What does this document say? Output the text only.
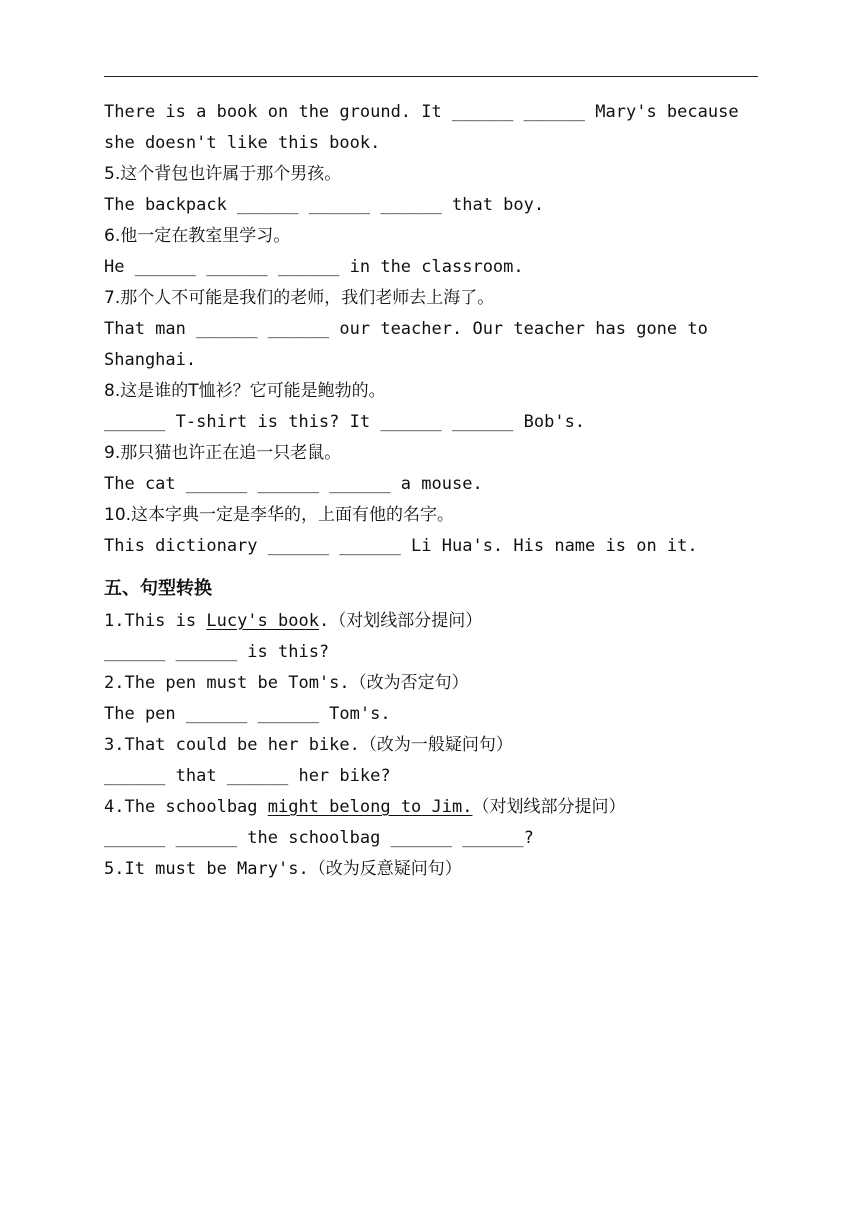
There is a book on the ground. It ______ ______ Mary's because
she doesn't like this book.
5.这个背包也许属于那个男孩。
The backpack ______ ______ ______ that boy.
6.他一定在教室里学习。
He ______ ______ ______ in the classroom.
7.那个人不可能是我们的老师，我们老师去上海了。
That man ______ ______ our teacher. Our teacher has gone to
Shanghai.
8.这是谁的T恤衫？它可能是鲍勃的。
______ T-shirt is this? It ______ ______ Bob's.
9.那只猫也许正在追一只老鼠。
The cat ______ ______ ______ a mouse.
10.这本字典一定是李华的，上面有他的名字。
This dictionary ______ ______ Li Hua's. His name is on it.
五、句型转换
1.This is Lucy's book.（对划线部分提问）
______ ______ is this?
2.The pen must be Tom's.（改为否定句）
The pen ______ ______ Tom's.
3.That could be her bike.（改为一般疑问句）
______ that ______ her bike?
4.The schoolbag might belong to Jim.（对划线部分提问）
______ ______ the schoolbag ______ ______?
5.It must be Mary's.（改为反意疑问句）
